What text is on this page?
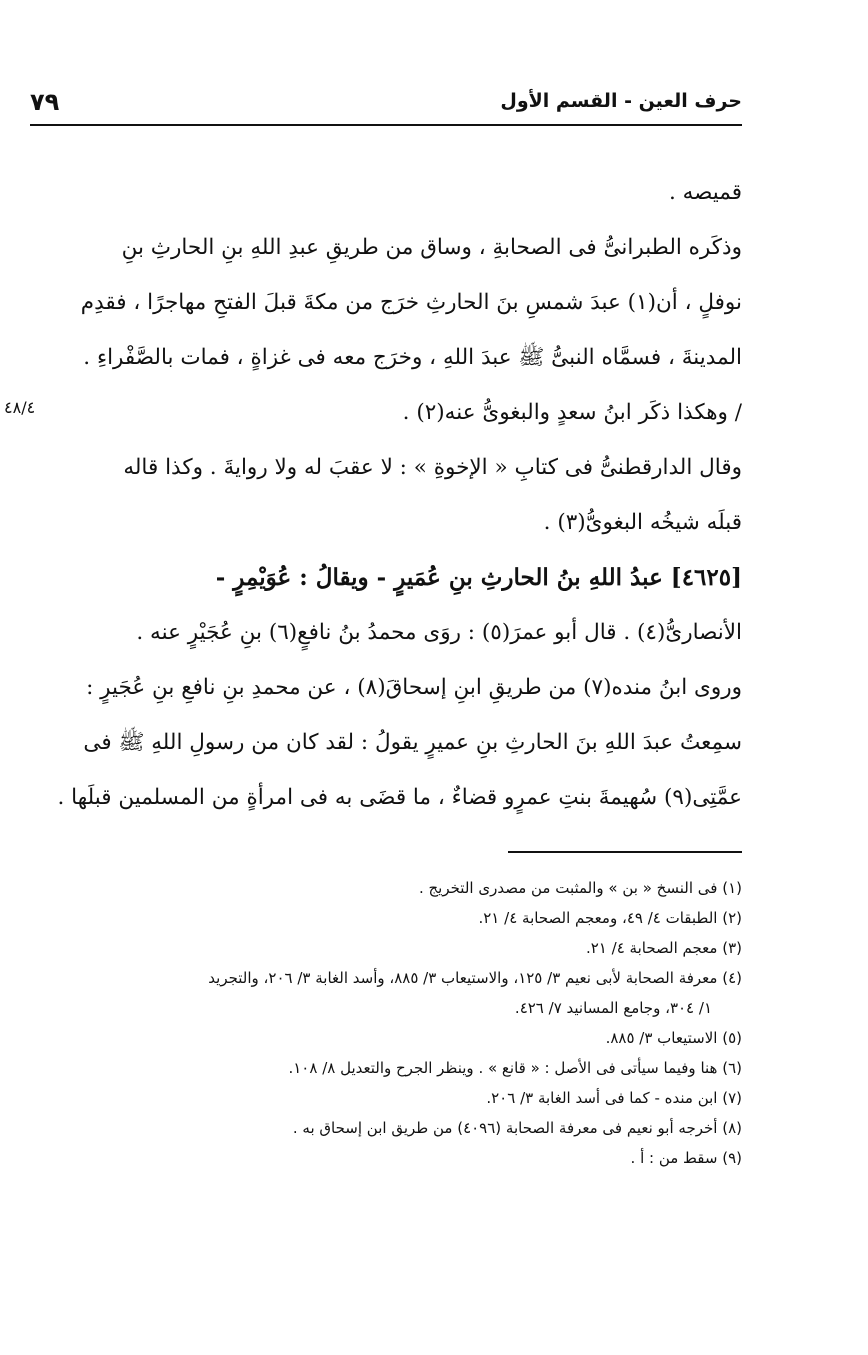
٧٩	حرف العين - القسم الأول
٤٨/٤
قميصه .
وذكَره الطبرانىُّ فى الصحابةِ ، وساق من طريقِ عبدِ اللهِ بنِ الحارثِ بنِ
نوفلٍ ، أن(١) عبدَ شمسِ بنَ الحارثِ خرَج من مكةَ قبلَ الفتحِ مهاجرًا ، فقدِم
المدينةَ ، فسمَّاه النبىُّ ﷺ عبدَ اللهِ ، وخرَج معه فى غزاةٍ ، فمات بالصَّفْراءِ .
/ وهكذا ذكَر ابنُ سعدٍ والبغوىُّ عنه(٢) .
وقال الدارقطنىُّ فى كتابِ « الإخوةِ » : لا عقبَ له ولا روايةَ . وكذا قاله
قبلَه شيخُه البغوىُّ(٣) .
[٤٦٢٥] عبدُ اللهِ بنُ الحارثِ بنِ عُمَيرٍ - ويقالُ : عُوَيْمِرٍ -
الأنصارىُّ(٤) . قال أبو عمرَ(٥) : روَى محمدُ بنُ نافعٍ(٦) بنِ عُجَيْرٍ عنه .
وروى ابنُ منده(٧) من طريقِ ابنِ إسحاقَ(٨) ، عن محمدِ بنِ نافعِ بنِ عُجَيرٍ :
سمِعتُ عبدَ اللهِ بنَ الحارثِ بنِ عميرٍ يقولُ : لقد كان من رسولِ اللهِ ﷺ فى
عمَّتِى(٩) سُهيمةَ بنتِ عمرٍو قضاءٌ ، ما قضَى به فى امرأةٍ من المسلمين قبلَها .
(١) فى النسخ « بن » والمثبت من مصدرى التخريج .
(٢) الطبقات ٤/ ٤٩، ومعجم الصحابة ٤/ ٢١.
(٣) معجم الصحابة ٤/ ٢١.
(٤) معرفة الصحابة لأبى نعيم ٣/ ١٢٥، والاستيعاب ٣/ ٨٨٥، وأسد الغابة ٣/ ٢٠٦، والتجريد
١/ ٣٠٤، وجامع المسانيد ٧/ ٤٢٦.
(٥) الاستيعاب ٣/ ٨٨٥.
(٦) هنا وفيما سيأتى فى الأصل : « قانع » . وينظر الجرح والتعديل ٨/ ١٠٨.
(٧) ابن منده - كما فى أسد الغابة ٣/ ٢٠٦.
(٨) أخرجه أبو نعيم فى معرفة الصحابة (٤٠٩٦) من طريق ابن إسحاق به .
(٩) سقط من : أ .
